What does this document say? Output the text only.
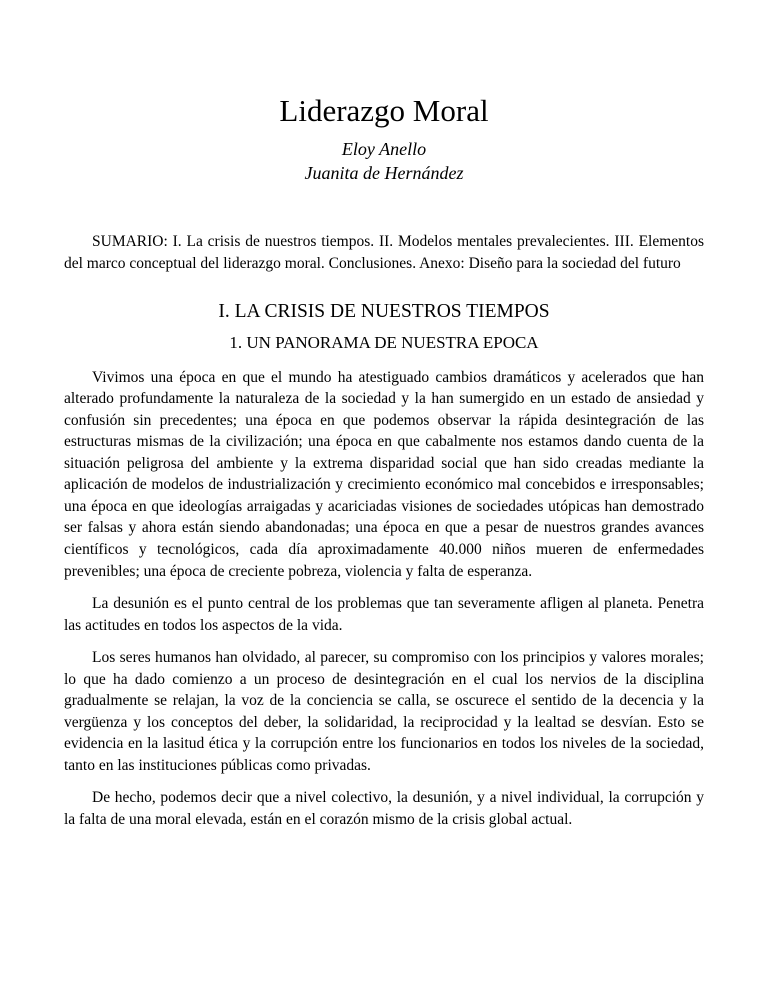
Liderazgo Moral

Eloy Anello

Juanita de Hernández

SUMARIO: I. La crisis de nuestros tiempos. II. Modelos mentales prevalecientes. III. Elementos del marco conceptual del liderazgo moral. Conclusiones. Anexo: Diseño para la sociedad del futuro

I. LA CRISIS DE NUESTROS TIEMPOS
1. UN PANORAMA DE NUESTRA EPOCA

Vivimos una época en que el mundo ha atestiguado cambios dramáticos y acelerados que han alterado profundamente la naturaleza de la sociedad y la han sumergido en un estado de ansiedad y confusión sin precedentes; una época en que podemos observar la rápida desintegración de las estructuras mismas de la civilización; una época en que cabalmente nos estamos dando cuenta de la situación peligrosa del ambiente y la extrema disparidad social que han sido creadas mediante la aplicación de modelos de industrialización y crecimiento económico mal concebidos e irresponsables; una época en que ideologías arraigadas y acariciadas visiones de sociedades utópicas han demostrado ser falsas y ahora están siendo abandonadas; una época en que a pesar de nuestros grandes avances científicos y tecnológicos, cada día aproximadamente 40.000 niños mueren de enfermedades prevenibles; una época de creciente pobreza, violencia y falta de esperanza.

La desunión es el punto central de los problemas que tan severamente afligen al planeta. Penetra las actitudes en todos los aspectos de la vida.

Los seres humanos han olvidado, al parecer, su compromiso con los principios y valores morales; lo que ha dado comienzo a un proceso de desintegración en el cual los nervios de la disciplina gradualmente se relajan, la voz de la conciencia se calla, se oscurece el sentido de la decencia y la vergüenza y los conceptos del deber, la solidaridad, la reciprocidad y la lealtad se desvían. Esto se evidencia en la lasitud ética y la corrupción entre los funcionarios en todos los niveles de la sociedad, tanto en las instituciones públicas como privadas.

De hecho, podemos decir que a nivel colectivo, la desunión, y a nivel individual, la corrupción y la falta de una moral elevada, están en el corazón mismo de la crisis global actual.
